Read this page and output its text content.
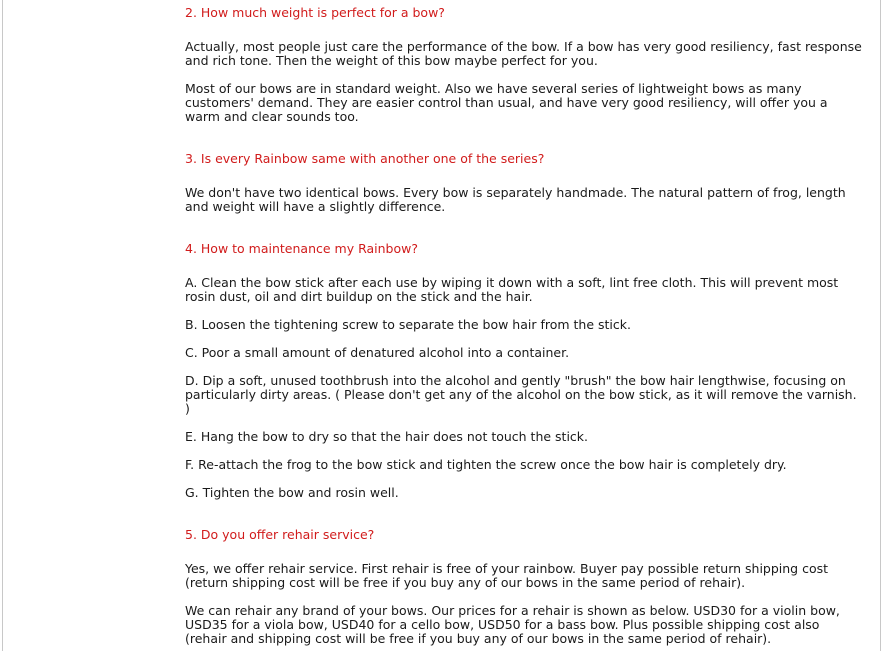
2. How much weight is perfect for a bow?

Actually, most people just care the performance of the bow. If a bow has very good resiliency, fast response and rich tone. Then the weight of this bow maybe perfect for you.

Most of our bows are in standard weight. Also we have several series of lightweight bows as many customers' demand. They are easier control than usual, and have very good resiliency, will offer you a warm and clear sounds too.

3. Is every Rainbow same with another one of the series?

We don't have two identical bows. Every bow is separately handmade. The natural pattern of frog, length and weight will have a slightly difference.

4. How to maintenance my Rainbow?

A. Clean the bow stick after each use by wiping it down with a soft, lint free cloth. This will prevent most rosin dust, oil and dirt buildup on the stick and the hair.

B. Loosen the tightening screw to separate the bow hair from the stick.

C. Poor a small amount of denatured alcohol into a container.

D. Dip a soft, unused toothbrush into the alcohol and gently "brush" the bow hair lengthwise, focusing on particularly dirty areas. ( Please don't get any of the alcohol on the bow stick, as it will remove the varnish. )

E. Hang the bow to dry so that the hair does not touch the stick.

F. Re-attach the frog to the bow stick and tighten the screw once the bow hair is completely dry.

G. Tighten the bow and rosin well.

5. Do you offer rehair service?

Yes, we offer rehair service. First rehair is free of your rainbow. Buyer pay possible return shipping cost (return shipping cost will be free if you buy any of our bows in the same period of rehair).

We can rehair any brand of your bows. Our prices for a rehair is shown as below. USD30 for a violin bow, USD35 for a viola bow, USD40 for a cello bow, USD50 for a bass bow. Plus possible shipping cost also (rehair and shipping cost will be free if you buy any of our bows in the same period of rehair).
